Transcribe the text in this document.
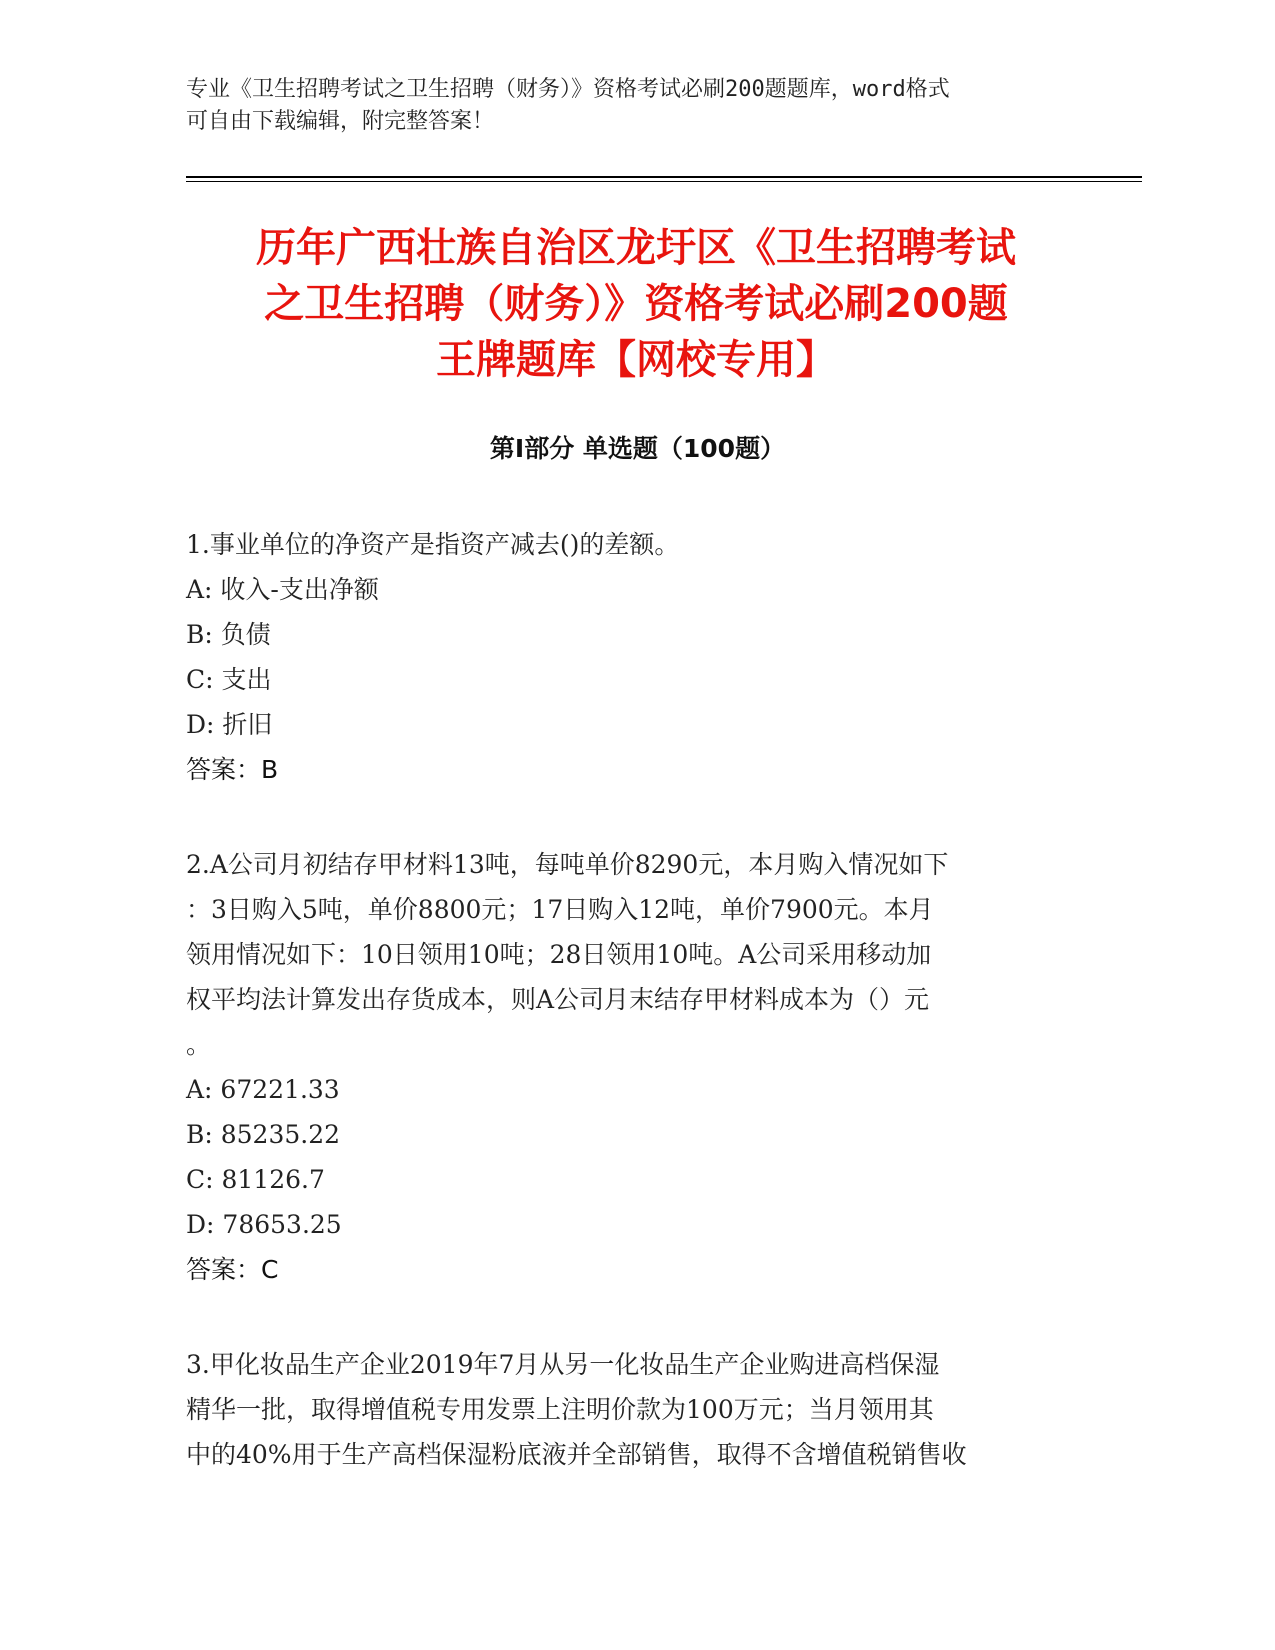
专业《卫生招聘考试之卫生招聘（财务）》资格考试必刷200题题库，word格式
可自由下载编辑，附完整答案！
历年广西壮族自治区龙圩区《卫生招聘考试
之卫生招聘（财务）》资格考试必刷200题
王牌题库【网校专用】
第Ⅰ部分 单选题（100题）
1.事业单位的净资产是指资产减去()的差额。
A: 收入-支出净额
B: 负债
C: 支出
D: 折旧
答案：B
2.A公司月初结存甲材料13吨，每吨单价8290元，本月购入情况如下
：3日购入5吨，单价8800元；17日购入12吨，单价7900元。本月
领用情况如下：10日领用10吨；28日领用10吨。A公司采用移动加
权平均法计算发出存货成本，则A公司月末结存甲材料成本为（）元
。
A: 67221.33
B: 85235.22
C: 81126.7
D: 78653.25
答案：C
3.甲化妆品生产企业2019年7月从另一化妆品生产企业购进高档保湿
精华一批，取得增值税专用发票上注明价款为100万元；当月领用其
中的40%用于生产高档保湿粉底液并全部销售，取得不含增值税销售收
